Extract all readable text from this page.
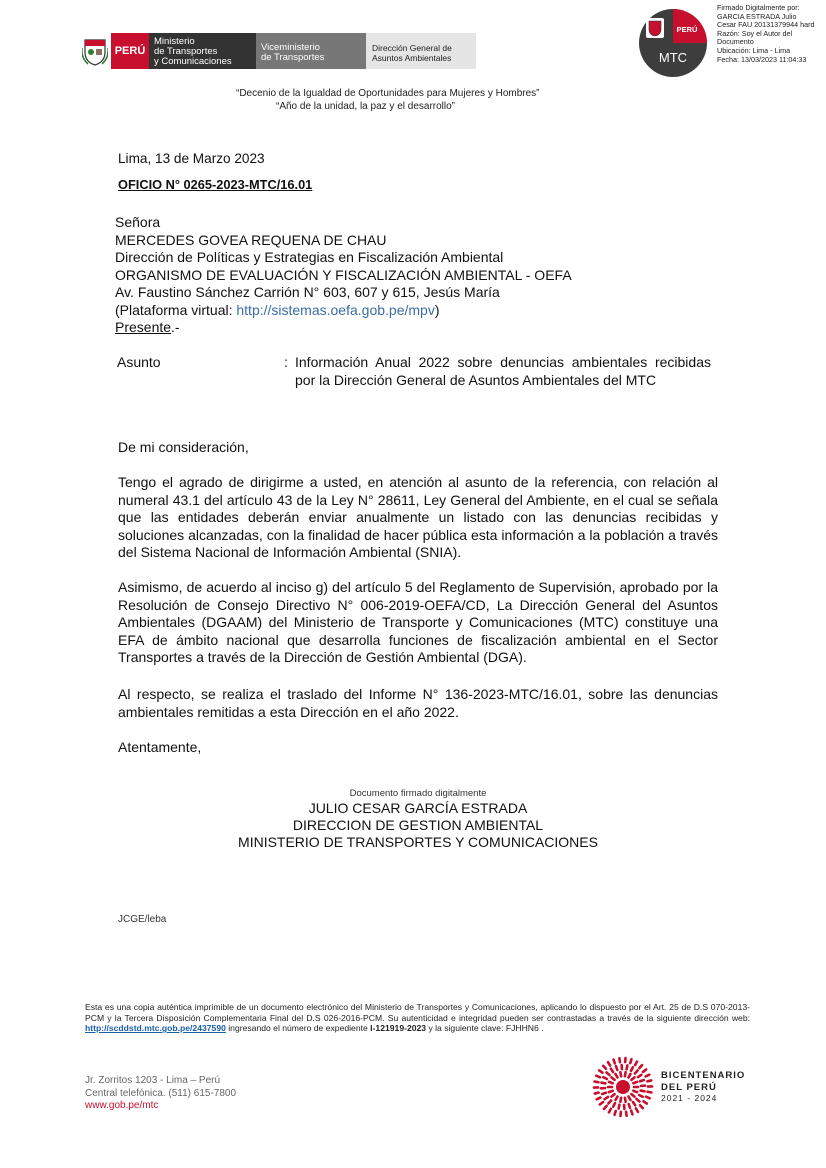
PERÚ
Ministerio
de Transportes
y Comunicaciones
Viceministerio
de Transportes
Dirección General de
Asuntos Ambientales
PERÚ
MTC
Firmado Digitalmente por:
GARCIA ESTRADA Julio
Cesar FAU 20131379944 hard
Razón: Soy el Autor del
Documento
Ubicación: Lima - Lima
Fecha: 13/03/2023 11:04:33
“Decenio de la Igualdad de Oportunidades para Mujeres y Hombres”
“Año de la unidad, la paz y el desarrollo”
Lima, 13 de Marzo 2023
OFICIO N° 0265-2023-MTC/16.01
Señora
MERCEDES GOVEA REQUENA DE CHAU
Dirección de Políticas y Estrategias en Fiscalización Ambiental
ORGANISMO DE EVALUACIÓN Y FISCALIZACIÓN AMBIENTAL - OEFA
Av. Faustino Sánchez Carrión N° 603, 607 y 615, Jesús María
(Plataforma virtual: http://sistemas.oefa.gob.pe/mpv)
Presente.-
Asunto	: Información Anual 2022 sobre denuncias ambientales recibidas por la Dirección General de Asuntos Ambientales del MTC
De mi consideración,
Tengo el agrado de dirigirme a usted, en atención al asunto de la referencia, con relación al numeral 43.1 del artículo 43 de la Ley N° 28611, Ley General del Ambiente, en el cual se señala que las entidades deberán enviar anualmente un listado con las denuncias recibidas y soluciones alcanzadas, con la finalidad de hacer pública esta información a la población a través del Sistema Nacional de Información Ambiental (SNIA).
Asimismo, de acuerdo al inciso g) del artículo 5 del Reglamento de Supervisión, aprobado por la Resolución de Consejo Directivo N° 006-2019-OEFA/CD, La Dirección General del Asuntos Ambientales (DGAAM) del Ministerio de Transporte y Comunicaciones (MTC) constituye una EFA de ámbito nacional que desarrolla funciones de fiscalización ambiental en el Sector Transportes a través de la Dirección de Gestión Ambiental (DGA).
Al respecto, se realiza el traslado del Informe N° 136-2023-MTC/16.01, sobre las denuncias ambientales remitidas a esta Dirección en el año 2022.
Atentamente,
Documento firmado digitalmente
JULIO CESAR GARCÍA ESTRADA
DIRECCION DE GESTION AMBIENTAL
MINISTERIO DE TRANSPORTES Y COMUNICACIONES
JCGE/leba
Esta es una copia auténtica imprimible de un documento electrónico del Ministerio de Transportes y Comunicaciones, aplicando lo dispuesto por el Art. 25 de D.S 070-2013-PCM y la Tercera Disposición Complementaria Final del D.S 026-2016-PCM. Su autenticidad e integridad pueden ser contrastadas a través de la siguiente dirección web: http://scddstd.mtc.gob.pe/2437590 ingresando el número de expediente I-121919-2023 y la siguiente clave: FJHHN6 .
Jr. Zorritos 1203 - Lima – Perú
Central telefónica. (511) 615-7800
www.gob.pe/mtc
BICENTENARIO
DEL PERÚ
2021 - 2024
